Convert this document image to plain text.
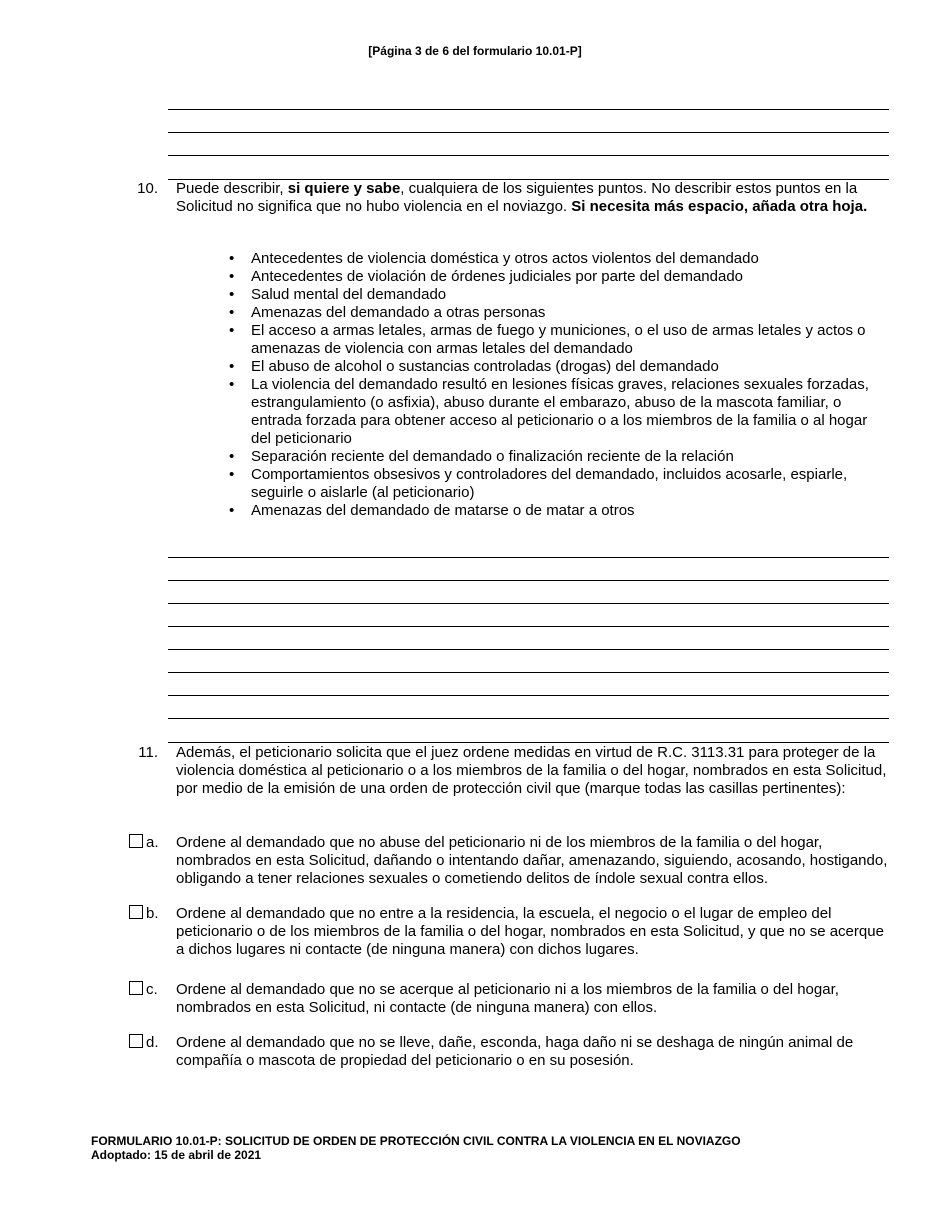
[Página 3 de 6 del formulario 10.01-P]
10. Puede describir, si quiere y sabe, cualquiera de los siguientes puntos. No describir estos puntos en la Solicitud no significa que no hubo violencia en el noviazgo. Si necesita más espacio, añada otra hoja.
• Antecedentes de violencia doméstica y otros actos violentos del demandado
• Antecedentes de violación de órdenes judiciales por parte del demandado
• Salud mental del demandado
• Amenazas del demandado a otras personas
• El acceso a armas letales, armas de fuego y municiones, o el uso de armas letales y actos o amenazas de violencia con armas letales del demandado
• El abuso de alcohol o sustancias controladas (drogas) del demandado
• La violencia del demandado resultó en lesiones físicas graves, relaciones sexuales forzadas, estrangulamiento (o asfixia), abuso durante el embarazo, abuso de la mascota familiar, o entrada forzada para obtener acceso al peticionario o a los miembros de la familia o al hogar del peticionario
• Separación reciente del demandado o finalización reciente de la relación
• Comportamientos obsesivos y controladores del demandado, incluidos acosarle, espiarle, seguirle o aislarle (al peticionario)
• Amenazas del demandado de matarse o de matar a otros
11. Además, el peticionario solicita que el juez ordene medidas en virtud de R.C. 3113.31 para proteger de la violencia doméstica al peticionario o a los miembros de la familia o del hogar, nombrados en esta Solicitud, por medio de la emisión de una orden de protección civil que (marque todas las casillas pertinentes):
a. Ordene al demandado que no abuse del peticionario ni de los miembros de la familia o del hogar, nombrados en esta Solicitud, dañando o intentando dañar, amenazando, siguiendo, acosando, hostigando, obligando a tener relaciones sexuales o cometiendo delitos de índole sexual contra ellos.
b. Ordene al demandado que no entre a la residencia, la escuela, el negocio o el lugar de empleo del peticionario o de los miembros de la familia o del hogar, nombrados en esta Solicitud, y que no se acerque a dichos lugares ni contacte (de ninguna manera) con dichos lugares.
c. Ordene al demandado que no se acerque al peticionario ni a los miembros de la familia o del hogar, nombrados en esta Solicitud, ni contacte (de ninguna manera) con ellos.
d. Ordene al demandado que no se lleve, dañe, esconda, haga daño ni se deshaga de ningún animal de compañía o mascota de propiedad del peticionario o en su posesión.
FORMULARIO 10.01-P: SOLICITUD DE ORDEN DE PROTECCIÓN CIVIL CONTRA LA VIOLENCIA EN EL NOVIAZGO
Adoptado: 15 de abril de 2021
